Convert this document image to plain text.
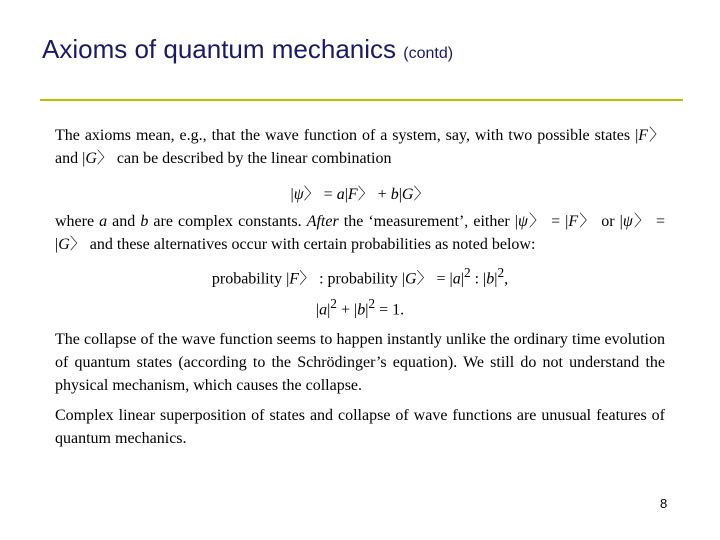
Axioms of quantum mechanics (contd)
The axioms mean, e.g., that the wave function of a system, say, with two possible states |F〉 and |G〉 can be described by the linear combination
|ψ〉 = a|F〉 + b|G〉
where a and b are complex constants. After the ‘measurement’, either |ψ〉 = |F〉 or |ψ〉 = |G〉 and these alternatives occur with certain probabilities as noted below:
probability |F〉 : probability |G〉 = $|a|^2$ : $|b|^2$,
$|a|^2 + |b|^2 = 1$.
The collapse of the wave function seems to happen instantly unlike the ordinary time evolution of quantum states (according to the Schrödinger’s equation). We still do not understand the physical mechanism, which causes the collapse.
Complex linear superposition of states and collapse of wave functions are unusual features of quantum mechanics.
8
